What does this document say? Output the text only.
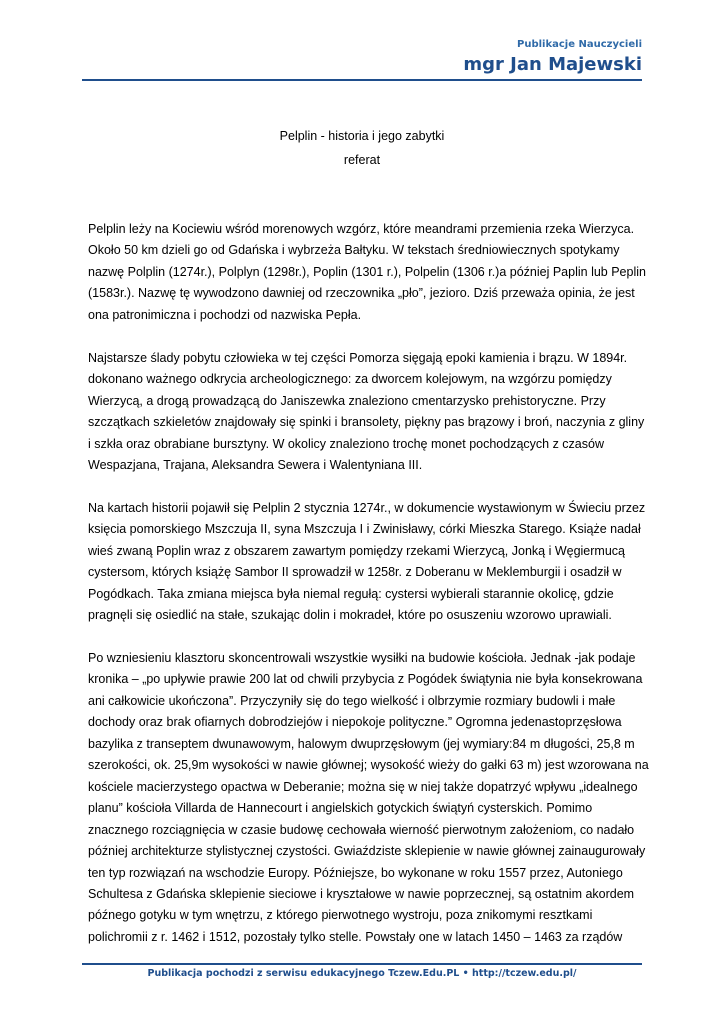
Publikacje Nauczycieli
mgr Jan Majewski
Pelplin - historia i jego zabytki
referat

Pelplin leży na Kociewiu wśród morenowych wzgórz, które meandrami przemienia rzeka Wierzyca. Około 50 km dzieli go od Gdańska i wybrzeża Bałtyku. W tekstach średniowiecznych spotykamy nazwę Polplin (1274r.), Polplyn (1298r.), Poplin (1301 r.), Polpelin (1306 r.)a później Paplin lub Peplin (1583r.). Nazwę tę wywodzono dawniej od rzeczownika „pło”, jezioro. Dziś przeważa opinia, że jest ona patronimiczna i pochodzi od nazwiska Pepła.

Najstarsze ślady pobytu człowieka w tej części Pomorza sięgają epoki kamienia i brązu. W 1894r. dokonano ważnego odkrycia archeologicznego: za dworcem kolejowym, na wzgórzu pomiędzy Wierzycą, a drogą prowadzącą do Janiszewka znaleziono cmentarzysko prehistoryczne. Przy szczątkach szkieletów znajdowały się spinki i bransolety, piękny pas brązowy i broń, naczynia z gliny i szkła oraz obrabiane bursztyny. W okolicy znaleziono trochę monet pochodzących z czasów Wespazjana, Trajana, Aleksandra Sewera i Walentyniana III.

Na kartach historii pojawił się Pelplin 2 stycznia 1274r., w dokumencie wystawionym w Świeciu przez księcia pomorskiego Mszczuja II, syna Mszczuja I i Zwinisławy, córki Mieszka Starego. Książe nadał wieś zwaną Poplin wraz z obszarem zawartym pomiędzy rzekami Wierzycą, Jonką i Węgiermucą cystersom, których książę Sambor II sprowadził w 1258r. z Doberanu w Meklemburgii i osadził w Pogódkach. Taka zmiana miejsca była niemal regułą: cystersi wybierali starannie okolicę, gdzie pragnęli się osiedlić na stałe, szukając dolin i mokradeł, które po osuszeniu wzorowo uprawiali.

Po wzniesieniu klasztoru skoncentrowali wszystkie wysiłki na budowie kościoła. Jednak -jak podaje kronika – „po upływie prawie 200 lat od chwili przybycia z Pogódek świątynia nie była konsekrowana ani całkowicie ukończona”. Przyczyniły się do tego wielkość i olbrzymie rozmiary budowli i małe dochody oraz brak ofiarnych dobrodziejów i niepokoje polityczne.” Ogromna jedenastoprzęsłowa bazylika z transeptem dwunawowym, halowym dwuprzęsłowym (jej wymiary:84 m długości, 25,8 m szerokości, ok. 25,9m wysokości w nawie głównej; wysokość wieży do gałki 63 m) jest wzorowana na kościele macierzystego opactwa w Deberanie; można się w niej także dopatrzyć wpływu „idealnego planu” kościoła Villarda de Hannecourt i angielskich gotyckich świątyń cysterskich. Pomimo znacznego rozciągnięcia w czasie budowę cechowała wierność pierwotnym założeniom, co nadało później architekturze stylistycznej czystości. Gwiaździste sklepienie w nawie głównej zainaugurowały ten typ rozwiązań na wschodzie Europy. Późniejsze, bo wykonane w roku 1557 przez, Autoniego Schultesa z Gdańska sklepienie sieciowe i kryształowe w nawie poprzecznej, są ostatnim akordem późnego gotyku w tym wnętrzu, z którego pierwotnego wystroju, poza znikomymi resztkami polichromii z r. 1462 i 1512, pozostały tylko stelle. Powstały one w latach 1450 – 1463 za rządów

Publikacja pochodzi z serwisu edukacyjnego Tczew.Edu.PL • http://tczew.edu.pl/
